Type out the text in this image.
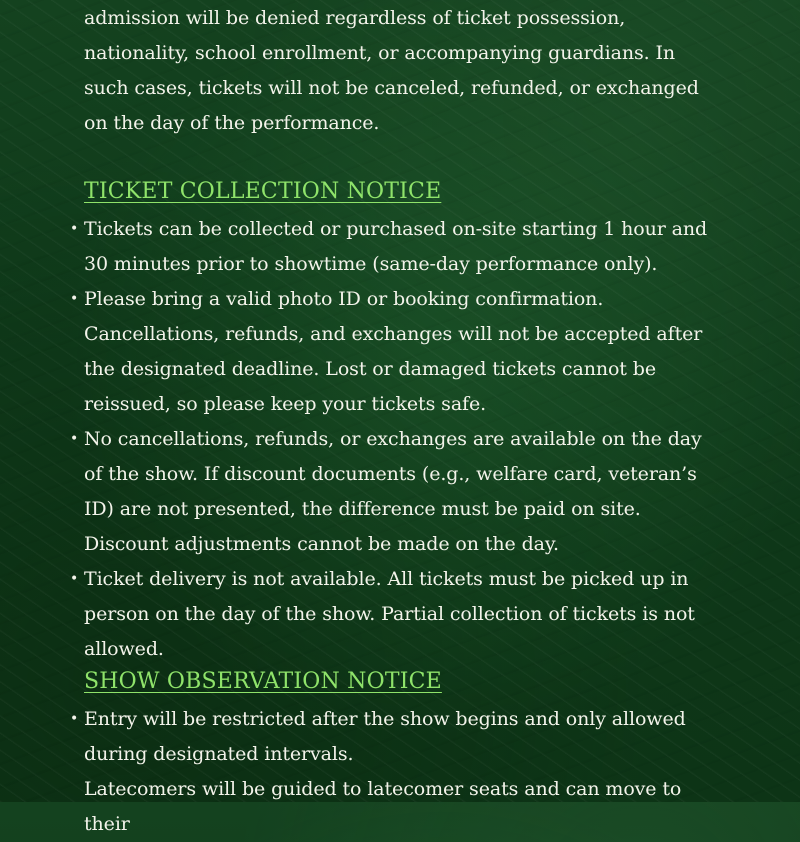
admission will be denied regardless of ticket possession, nationality, school enrollment, or accompanying guardians. In such cases, tickets will not be canceled, refunded, or exchanged on the day of the performance.
TICKET COLLECTION NOTICE
• Tickets can be collected or purchased on-site starting 1 hour and 30 minutes prior to showtime (same-day performance only).
• Please bring a valid photo ID or booking confirmation. Cancellations, refunds, and exchanges will not be accepted after the designated deadline. Lost or damaged tickets cannot be reissued, so please keep your tickets safe.
• No cancellations, refunds, or exchanges are available on the day of the show. If discount documents (e.g., welfare card, veteran’s ID) are not presented, the difference must be paid on site. Discount adjustments cannot be made on the day.
• Ticket delivery is not available. All tickets must be picked up in person on the day of the show. Partial collection of tickets is not allowed.
SHOW OBSERVATION NOTICE
• Entry will be restricted after the show begins and only allowed during designated intervals.
Latecomers will be guided to latecomer seats and can move to their
